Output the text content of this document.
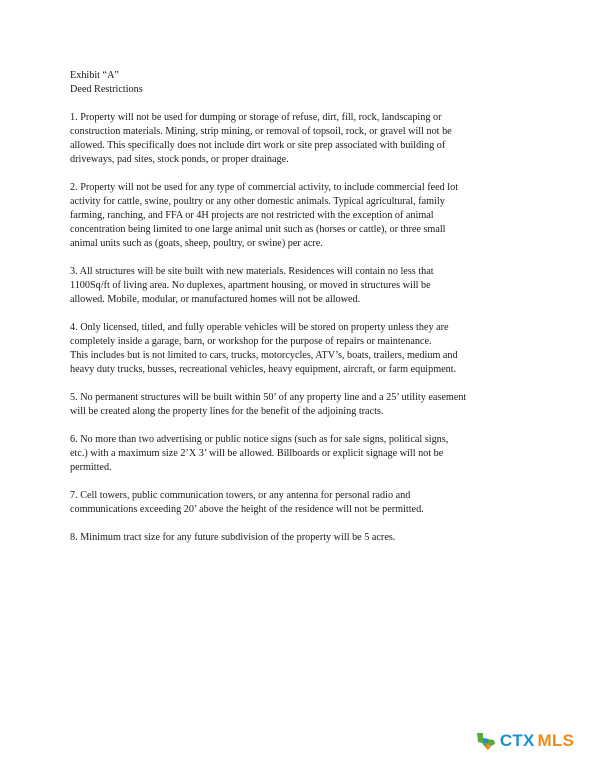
Exhibit “A”

Deed Restrictions

1. Property will not be used for dumping or storage of refuse, dirt, fill, rock, landscaping or
construction materials. Mining, strip mining, or removal of topsoil, rock, or gravel will not be
allowed. This specifically does not include dirt work or site prep associated with building of
driveways, pad sites, stock ponds, or proper drainage.

2. Property will not be used for any type of commercial activity, to include commercial feed lot
activity for cattle, swine, poultry or any other domestic animals. Typical agricultural, family
farming, ranching, and FFA or 4H projects are not restricted with the exception of animal
concentration being limited to one large animal unit such as (horses or cattle), or three small
animal units such as (goats, sheep, poultry, or swine) per acre.

3. All structures will be site built with new materials. Residences will contain no less that
1100Sq/ft of living area. No duplexes, apartment housing, or moved in structures will be
allowed. Mobile, modular, or manufactured homes will not be allowed.

4. Only licensed, titled, and fully operable vehicles will be stored on property unless they are
completely inside a garage, barn, or workshop for the purpose of repairs or maintenance.
This includes but is not limited to cars, trucks, motorcycles, ATV’s, boats, trailers, medium and
heavy duty trucks, busses, recreational vehicles, heavy equipment, aircraft, or farm equipment.

5. No permanent structures will be built within 50’ of any property line and a 25’ utility easement
will be created along the property lines for the benefit of the adjoining tracts.

6. No more than two advertising or public notice signs (such as for sale signs, political signs,
etc.) with a maximum size 2’X 3’ will be allowed. Billboards or explicit signage will not be
permitted.

7. Cell towers, public communication towers, or any antenna for personal radio and
communications exceeding 20’ above the height of the residence will not be permitted.

8. Minimum tract size for any future subdivision of the property will be 5 acres.

CTX MLS
